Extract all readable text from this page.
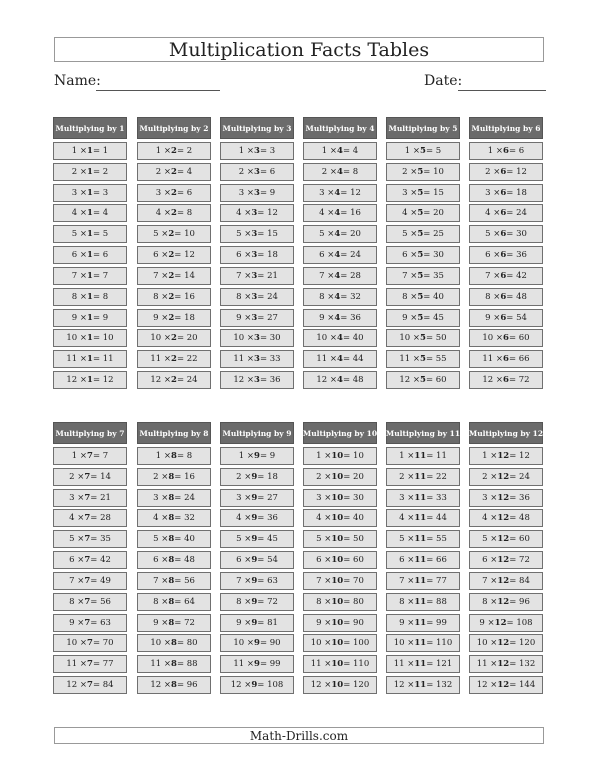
Multiplication Facts Tables
Name:	Date:
Multiplying by 1
1 × 1 = 1
2 × 1 = 2
3 × 1 = 3
4 × 1 = 4
5 × 1 = 5
6 × 1 = 6
7 × 1 = 7
8 × 1 = 8
9 × 1 = 9
10 × 1 = 10
11 × 1 = 11
12 × 1 = 12
Multiplying by 2
1 × 2 = 2
2 × 2 = 4
3 × 2 = 6
4 × 2 = 8
5 × 2 = 10
6 × 2 = 12
7 × 2 = 14
8 × 2 = 16
9 × 2 = 18
10 × 2 = 20
11 × 2 = 22
12 × 2 = 24
Multiplying by 3
1 × 3 = 3
2 × 3 = 6
3 × 3 = 9
4 × 3 = 12
5 × 3 = 15
6 × 3 = 18
7 × 3 = 21
8 × 3 = 24
9 × 3 = 27
10 × 3 = 30
11 × 3 = 33
12 × 3 = 36
Multiplying by 4
1 × 4 = 4
2 × 4 = 8
3 × 4 = 12
4 × 4 = 16
5 × 4 = 20
6 × 4 = 24
7 × 4 = 28
8 × 4 = 32
9 × 4 = 36
10 × 4 = 40
11 × 4 = 44
12 × 4 = 48
Multiplying by 5
1 × 5 = 5
2 × 5 = 10
3 × 5 = 15
4 × 5 = 20
5 × 5 = 25
6 × 5 = 30
7 × 5 = 35
8 × 5 = 40
9 × 5 = 45
10 × 5 = 50
11 × 5 = 55
12 × 5 = 60
Multiplying by 6
1 × 6 = 6
2 × 6 = 12
3 × 6 = 18
4 × 6 = 24
5 × 6 = 30
6 × 6 = 36
7 × 6 = 42
8 × 6 = 48
9 × 6 = 54
10 × 6 = 60
11 × 6 = 66
12 × 6 = 72
Multiplying by 7
1 × 7 = 7
2 × 7 = 14
3 × 7 = 21
4 × 7 = 28
5 × 7 = 35
6 × 7 = 42
7 × 7 = 49
8 × 7 = 56
9 × 7 = 63
10 × 7 = 70
11 × 7 = 77
12 × 7 = 84
Multiplying by 8
1 × 8 = 8
2 × 8 = 16
3 × 8 = 24
4 × 8 = 32
5 × 8 = 40
6 × 8 = 48
7 × 8 = 56
8 × 8 = 64
9 × 8 = 72
10 × 8 = 80
11 × 8 = 88
12 × 8 = 96
Multiplying by 9
1 × 9 = 9
2 × 9 = 18
3 × 9 = 27
4 × 9 = 36
5 × 9 = 45
6 × 9 = 54
7 × 9 = 63
8 × 9 = 72
9 × 9 = 81
10 × 9 = 90
11 × 9 = 99
12 × 9 = 108
Multiplying by 10
1 × 10 = 10
2 × 10 = 20
3 × 10 = 30
4 × 10 = 40
5 × 10 = 50
6 × 10 = 60
7 × 10 = 70
8 × 10 = 80
9 × 10 = 90
10 × 10 = 100
11 × 10 = 110
12 × 10 = 120
Multiplying by 11
1 × 11 = 11
2 × 11 = 22
3 × 11 = 33
4 × 11 = 44
5 × 11 = 55
6 × 11 = 66
7 × 11 = 77
8 × 11 = 88
9 × 11 = 99
10 × 11 = 110
11 × 11 = 121
12 × 11 = 132
Multiplying by 12
1 × 12 = 12
2 × 12 = 24
3 × 12 = 36
4 × 12 = 48
5 × 12 = 60
6 × 12 = 72
7 × 12 = 84
8 × 12 = 96
9 × 12 = 108
10 × 12 = 120
11 × 12 = 132
12 × 12 = 144
Math-Drills.com
